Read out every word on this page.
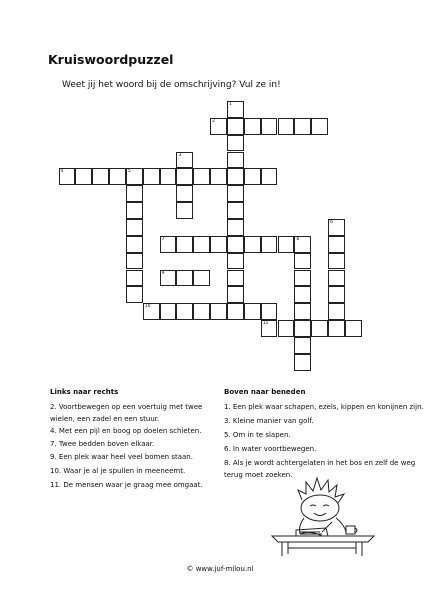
Kruiswoordpuzzel
Weet jij het woord bij de omschrijving? Vul ze in!
1
2
3
4	5
6
7	8
9
10
11
Links naar rechts
2. Voortbewegen op een voertuig met twee wielen, een zadel en een stuur.
4. Met een pijl en boog op doelen schieten.
7. Twee bedden boven elkaar.
9. Een plek waar heel veel bomen staan.
10. Waar je al je spullen in meeneemt.
11. De mensen waar je graag mee omgaat.
Boven naar beneden
1. Een plek waar schapen, ezels, kippen en konijnen zijn.
3. Kleine manier van golf.
5. Om in te slapen.
6. In water voortbewegen.
8. Als je wordt achtergelaten in het bos en zelf de weg terug moet zoeken.
© www.juf-milou.nl
